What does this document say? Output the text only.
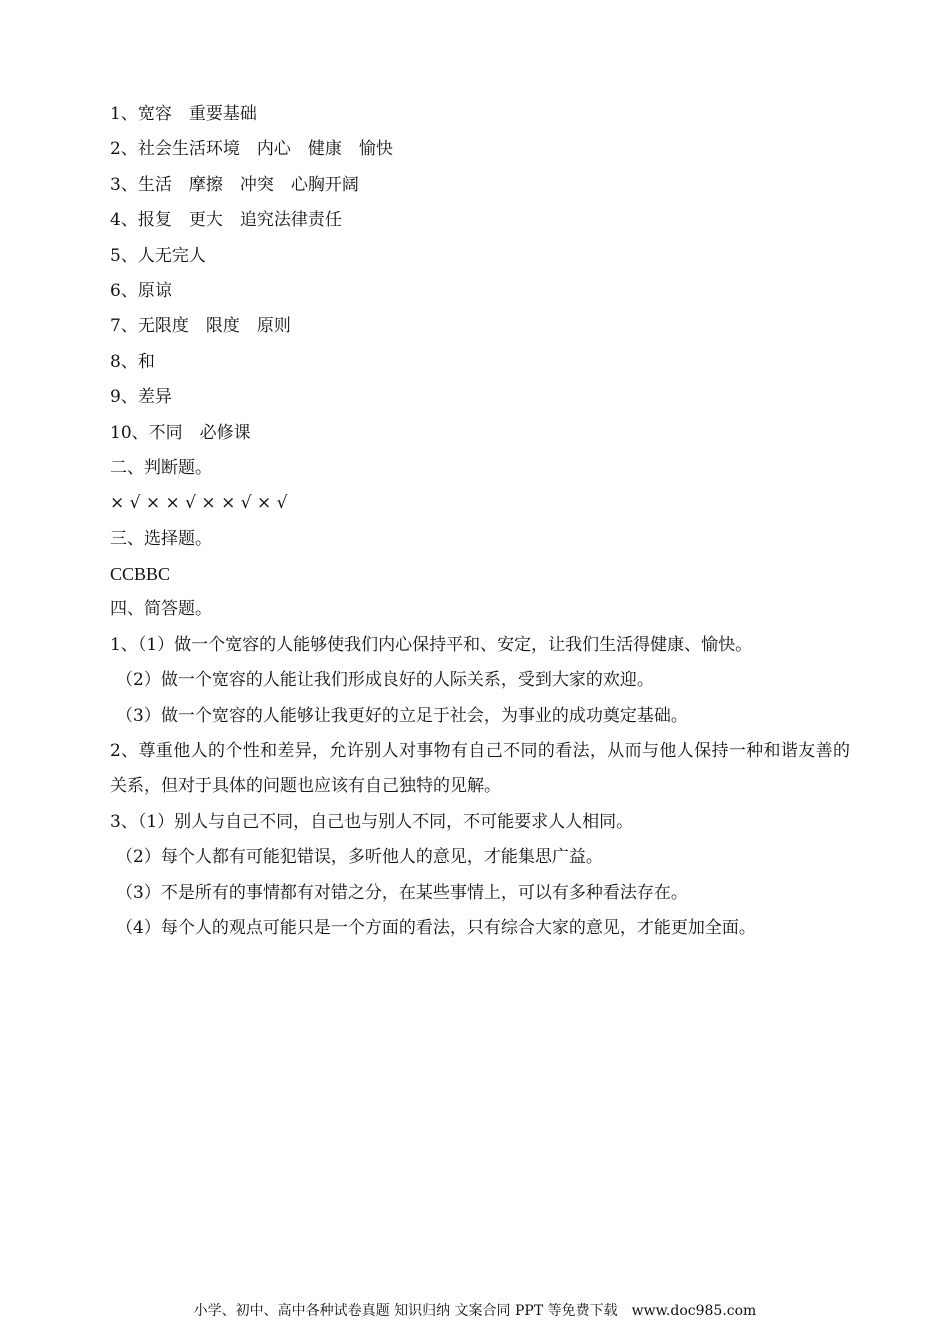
1、宽容　重要基础

2、社会生活环境　内心　健康　愉快

3、生活　摩擦　冲突　心胸开阔

4、报复　更大　追究法律责任

5、人无完人

6、原谅

7、无限度　限度　原则

8、和

9、差异

10、不同　必修课

二、判断题。

× √ × × √ × × √ × √

三、选择题。

CCBBC

四、简答题。

1、（1）做一个宽容的人能够使我们内心保持平和、安定，让我们生活得健康、愉快。

（2）做一个宽容的人能让我们形成良好的人际关系，受到大家的欢迎。

（3）做一个宽容的人能够让我更好的立足于社会，为事业的成功奠定基础。

2、尊重他人的个性和差异，允许别人对事物有自己不同的看法，从而与他人保持一种和谐友善的关系，但对于具体的问题也应该有自己独特的见解。

3、（1）别人与自己不同，自己也与别人不同，不可能要求人人相同。

（2）每个人都有可能犯错误，多听他人的意见，才能集思广益。

（3）不是所有的事情都有对错之分，在某些事情上，可以有多种看法存在。

（4）每个人的观点可能只是一个方面的看法，只有综合大家的意见，才能更加全面。

小学、初中、高中各种试卷真题 知识归纳 文案合同 PPT 等免费下载　www.doc985.com
